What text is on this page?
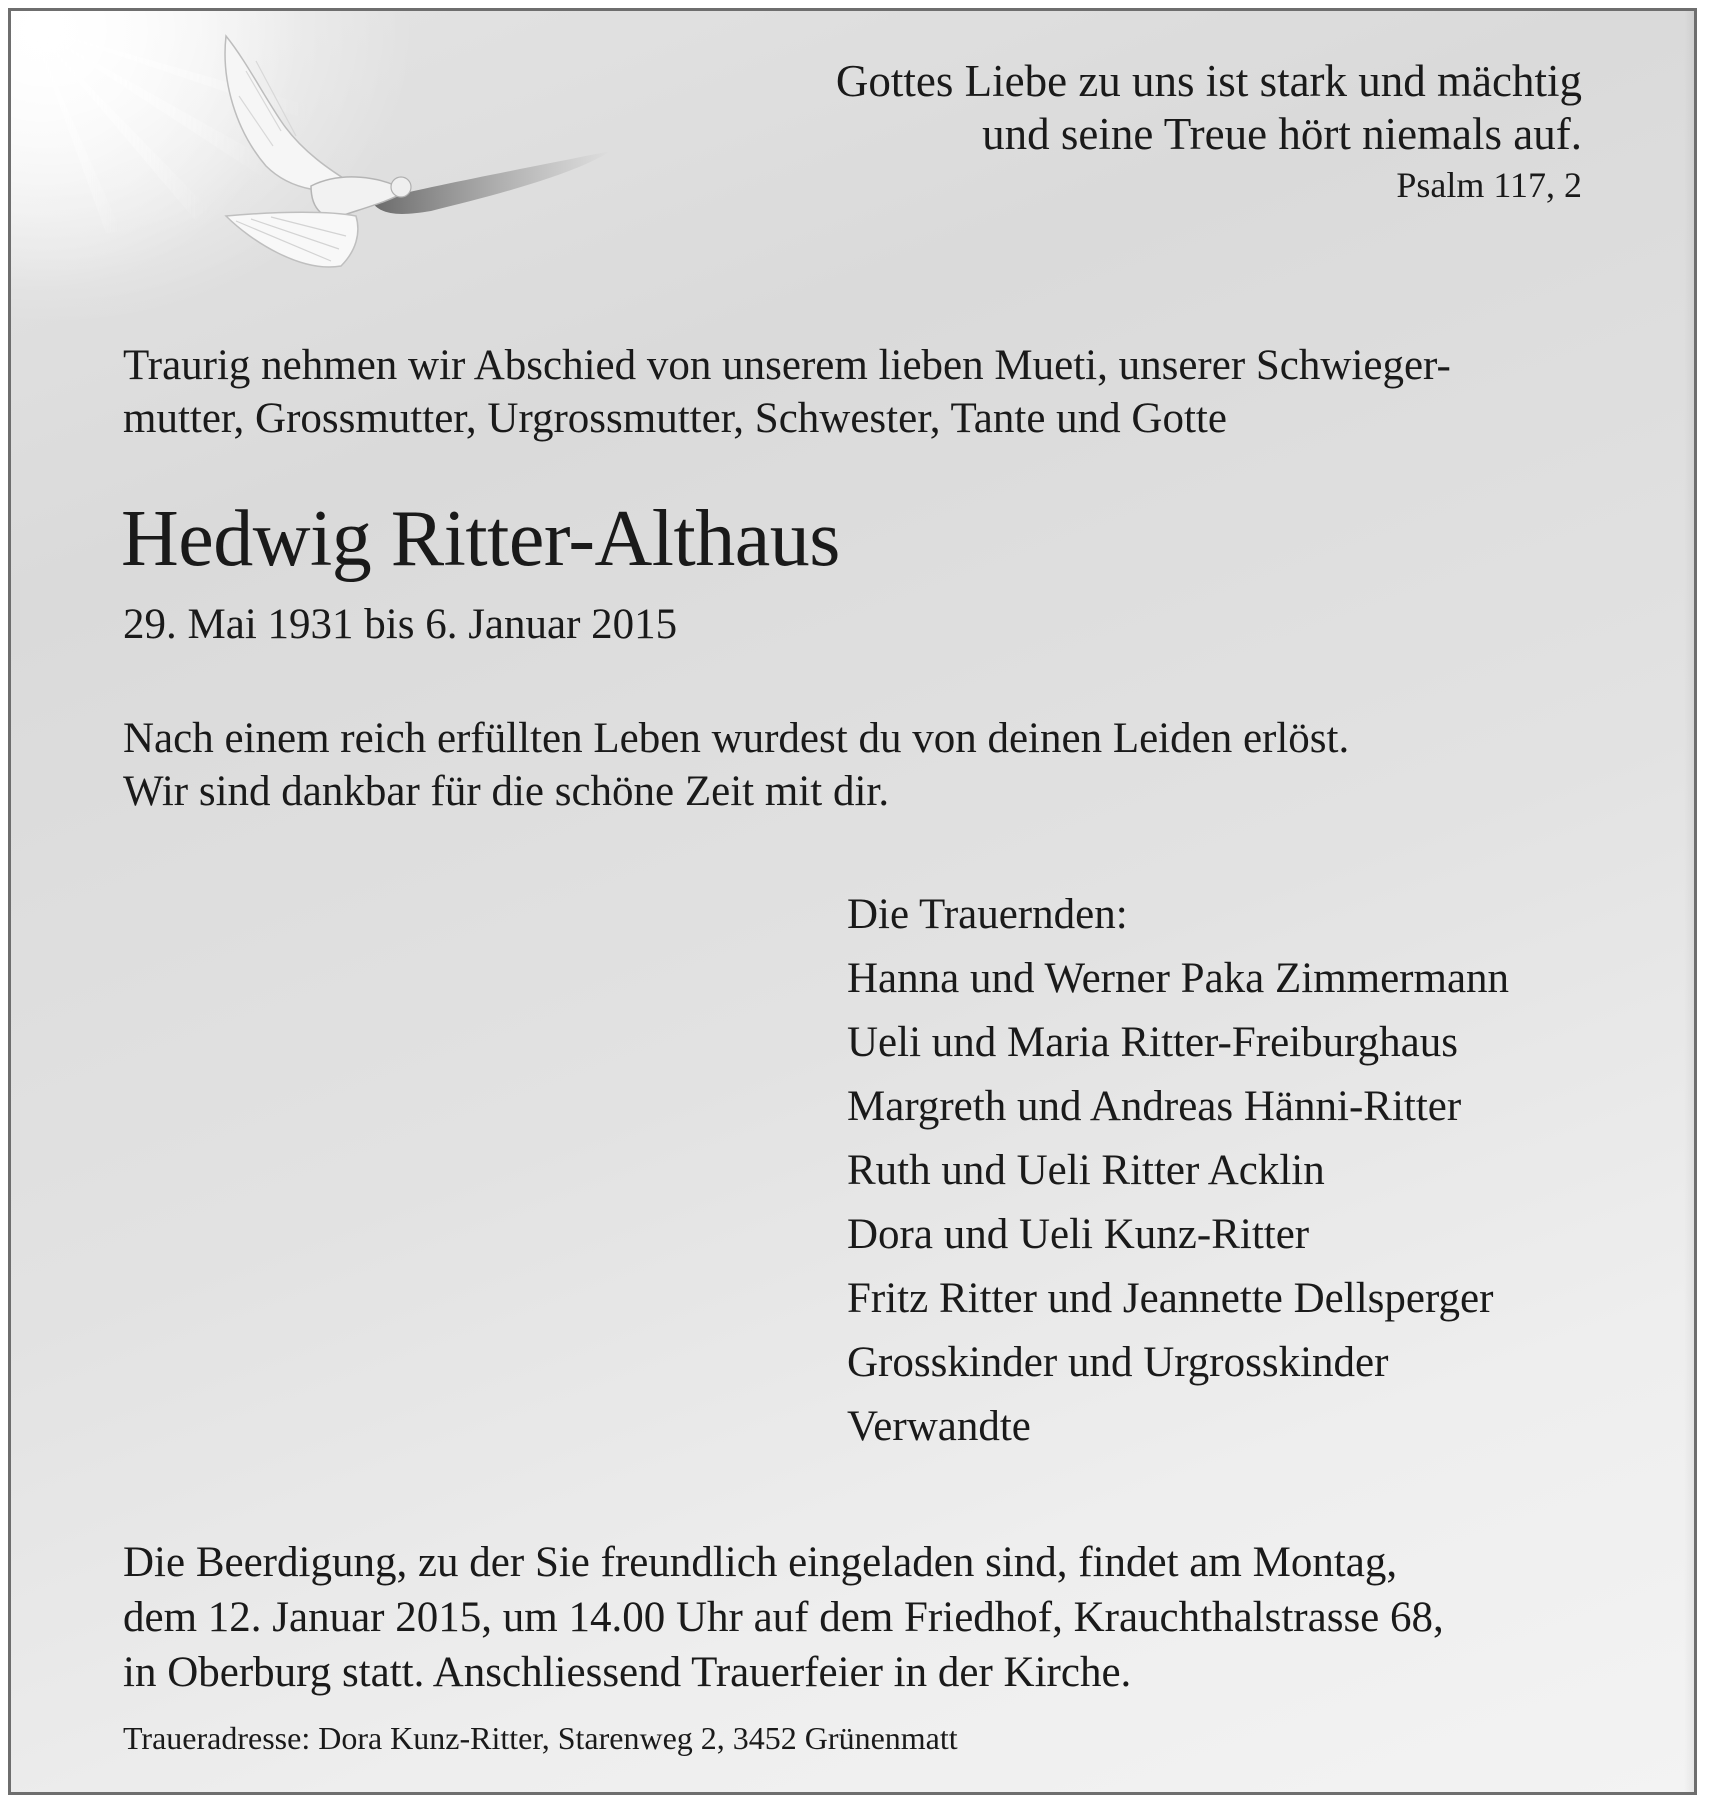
Gottes Liebe zu uns ist stark und mächtig
und seine Treue hört niemals auf.
Psalm 117, 2
Traurig nehmen wir Abschied von unserem lieben Mueti, unserer Schwieger-
mutter, Grossmutter, Urgrossmutter, Schwester, Tante und Gotte
Hedwig Ritter-Althaus
29. Mai 1931 bis 6. Januar 2015
Nach einem reich erfüllten Leben wurdest du von deinen Leiden erlöst.
Wir sind dankbar für die schöne Zeit mit dir.
Die Trauernden:
Hanna und Werner Paka Zimmermann
Ueli und Maria Ritter-Freiburghaus
Margreth und Andreas Hänni-Ritter
Ruth und Ueli Ritter Acklin
Dora und Ueli Kunz-Ritter
Fritz Ritter und Jeannette Dellsperger
Grosskinder und Urgrosskinder
Verwandte
Die Beerdigung, zu der Sie freundlich eingeladen sind, findet am Montag,
dem 12. Januar 2015, um 14.00 Uhr auf dem Friedhof, Krauchthalstrasse 68,
in Oberburg statt. Anschliessend Trauerfeier in der Kirche.
Traueradresse: Dora Kunz-Ritter, Starenweg 2, 3452 Grünenmatt
